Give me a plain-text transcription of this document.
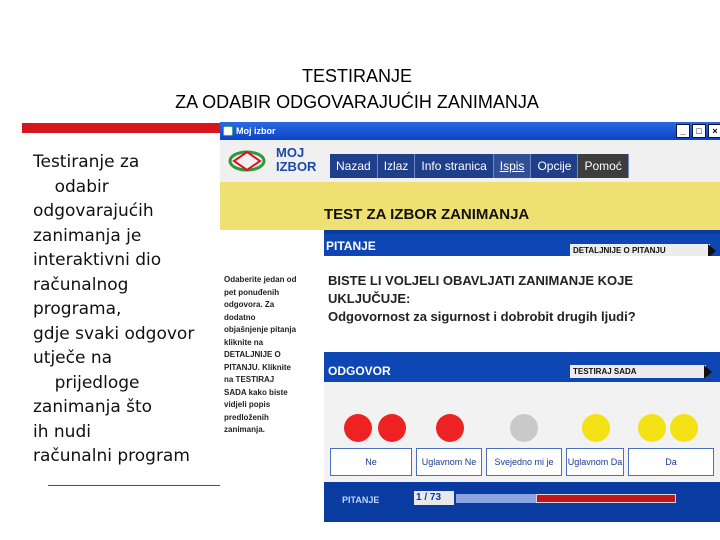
TESTIRANJE
ZA ODABIR ODGOVARAJUĆIH ZANIMANJA
Testiranje za
odabir
odgovarajućih
zanimanja je
interaktivni dio
računalnog
programa,
gdje svaki odgovor
utječe na
prijedloge
zanimanja što
ih nudi
računalni program
Moj izbor	_	□	×
MOJ
IZBOR	Nazad	Izlaz	Info stranica	Ispis	Opcije	Pomoć
TEST ZA IZBOR ZANIMANJA
Odaberite jedan od
pet ponuđenih
odgovora. Za
dodatno
objašnjenje pitanja
kliknite na
DETALJNIJE O
PITANJU. Kliknite
na TESTIRAJ
SADA kako biste
vidjeli popis
predloženih
zanimanja.
PITANJE	DETALJNIJE O PITANJU
BISTE LI VOLJELI OBAVLJATI ZANIMANJE KOJE
UKLJUČUJE:
Odgovornost za sigurnost i dobrobit drugih ljudi?
ODGOVOR	TESTIRAJ SADA
Ne	Uglavnom Ne	Svejedno mi je	Uglavnom Da	Da
PITANJE	1 / 73
